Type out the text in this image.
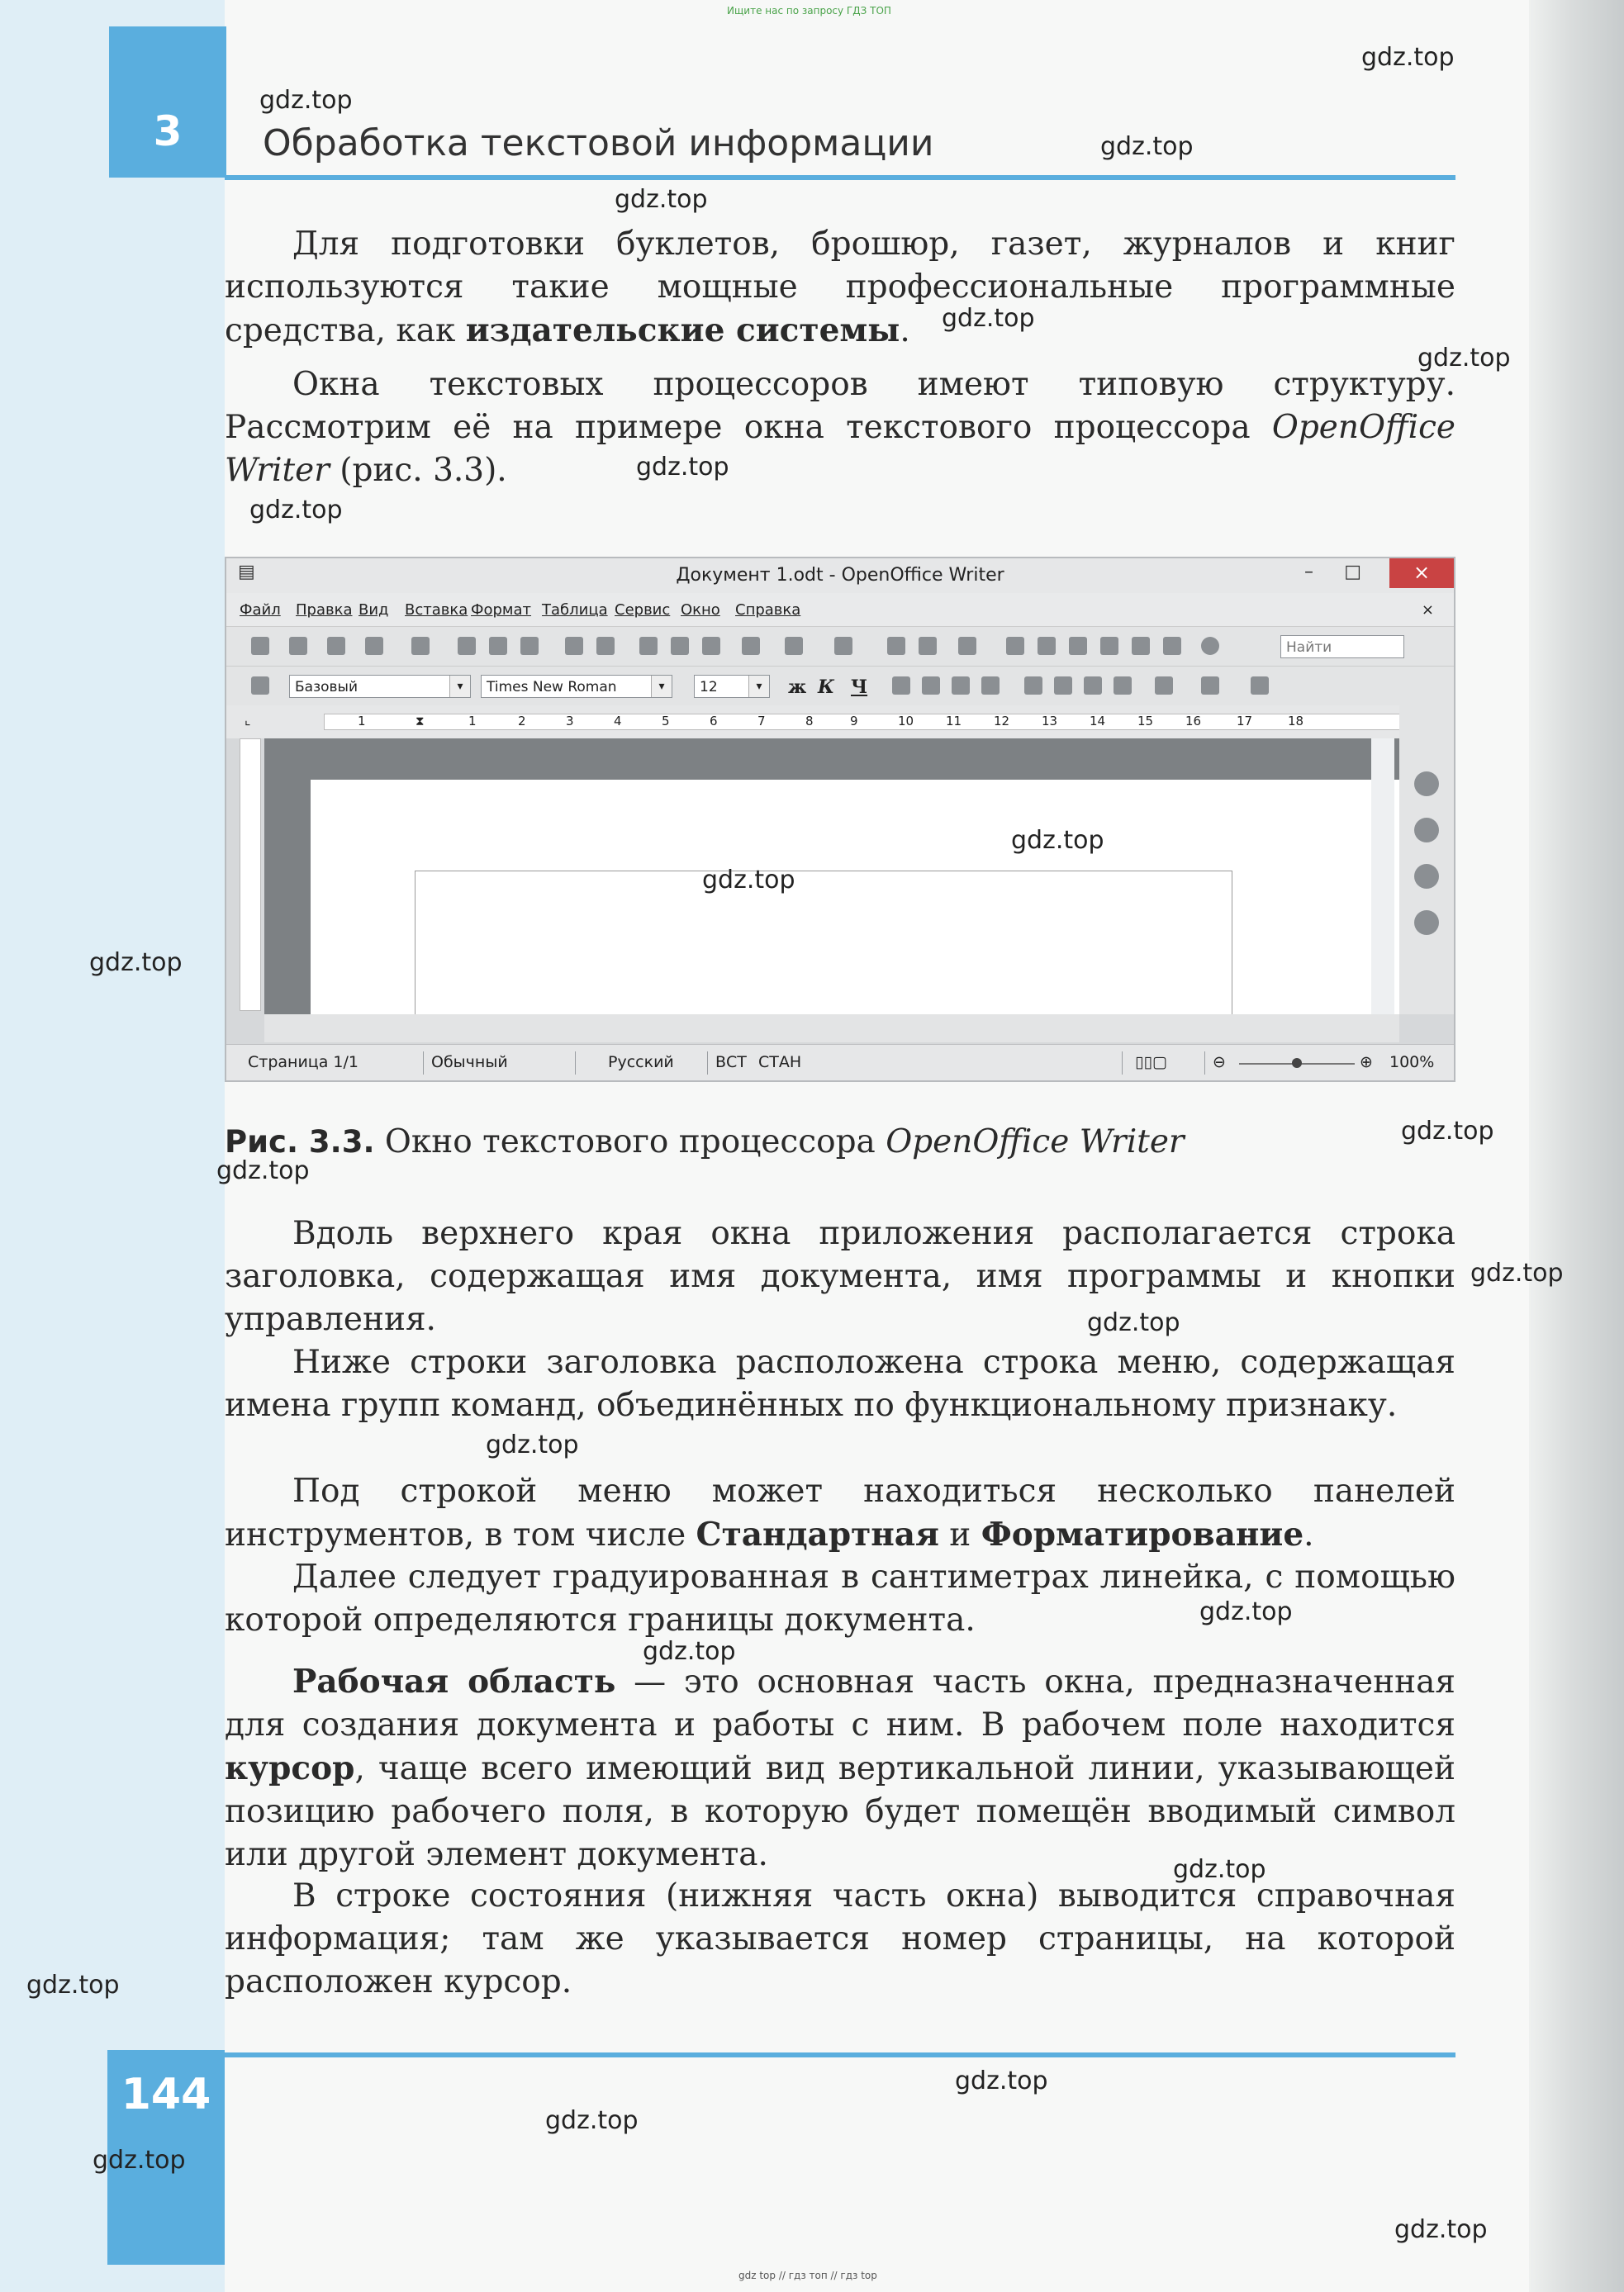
Ищите нас по запросу ГДЗ ТОП
3	Обработка текстовой информации

Для подготовки буклетов, брошюр, газет, журналов и книг используются такие мощные профессиональные программные средства, как издательские системы.

Окна текстовых процессоров имеют типовую структуру. Рассмотрим её на примере окна текстового процессора OpenOffice Writer (рис. 3.3).

▤	Документ 1.odt - OpenOffice Writer	– □	×
Файл Правка Вид Вставка Формат Таблица Сервис Окно Справка	×
Найти
Базовый	▾	Times New Roman	▾	12	▾	ж К Ч
⌞	1	⧗	1	2	3	4	5	6	7	8	9	10	11	12	13	14	15	16	17	18
Страница 1/1	Обычный	Русский	ВСТ СТАН	▯▯▢	⊖	⊕ 100%
Рис. 3.3. Окно текстового процессора OpenOffice Writer

Вдоль верхнего края окна приложения располагается строка заголовка, содержащая имя документа, имя программы и кнопки управления.

Ниже строки заголовка расположена строка меню, содержащая имена групп команд, объединённых по функциональному признаку.

Под строкой меню может находиться несколько панелей инструментов, в том числе Стандартная и Форматирование.

Далее следует градуированная в сантиметрах линейка, с помощью которой определяются границы документа.

Рабочая область — это основная часть окна, предназначенная для создания документа и работы с ним. В рабочем поле находится курсор, чаще всего имеющий вид вертикальной линии, указывающей позицию рабочего поля, в которую будет помещён вводимый символ или другой элемент документа.

В строке состояния (нижняя часть окна) выводится справочная информация; там же указывается номер страницы, на которой расположен курсор.

144
gdz.top
gdz.top
gdz.top
gdz.top
gdz.top
gdz.top
gdz.top
gdz.top
gdz.top
gdz.top
gdz.top
gdz.top
gdz.top
gdz.top
gdz.top
gdz.top
gdz.top
gdz.top
gdz.top
gdz.top
gdz.top
gdz.top
gdz.top
gdz.top
gdz top // гдз топ // гдз top
